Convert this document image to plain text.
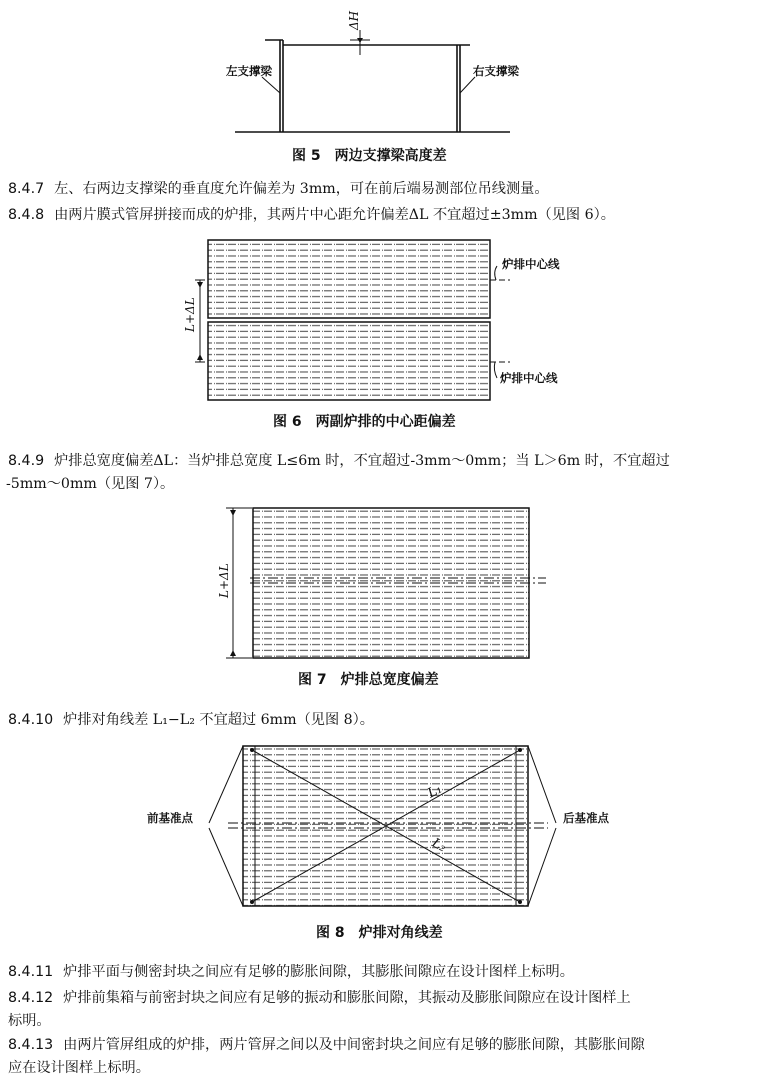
ΔH
左支撑梁	右支撑梁
图 5　两边支撑梁高度差
8.4.7 左、右两边支撑梁的垂直度允许偏差为 3mm，可在前后端易测部位吊线测量。
8.4.8 由两片膜式管屏拼接而成的炉排，其两片中心距允许偏差ΔL 不宜超过±3mm（见图 6）。
L+ΔL
炉排中心线
炉排中心线
图 6　两副炉排的中心距偏差
8.4.9 炉排总宽度偏差ΔL：当炉排总宽度 L≤6m 时，不宜超过-3mm～0mm；当 L＞6m 时，不宜超过
-5mm～0mm（见图 7）。
L+ΔL
图 7　炉排总宽度偏差
8.4.10 炉排对角线差 L₁−L₂ 不宜超过 6mm（见图 8）。
L₁
L₂
前基准点	后基准点
图 8　炉排对角线差
8.4.11 炉排平面与侧密封块之间应有足够的膨胀间隙，其膨胀间隙应在设计图样上标明。
8.4.12 炉排前集箱与前密封块之间应有足够的振动和膨胀间隙，其振动及膨胀间隙应在设计图样上
标明。
8.4.13 由两片管屏组成的炉排，两片管屏之间以及中间密封块之间应有足够的膨胀间隙，其膨胀间隙
应在设计图样上标明。
